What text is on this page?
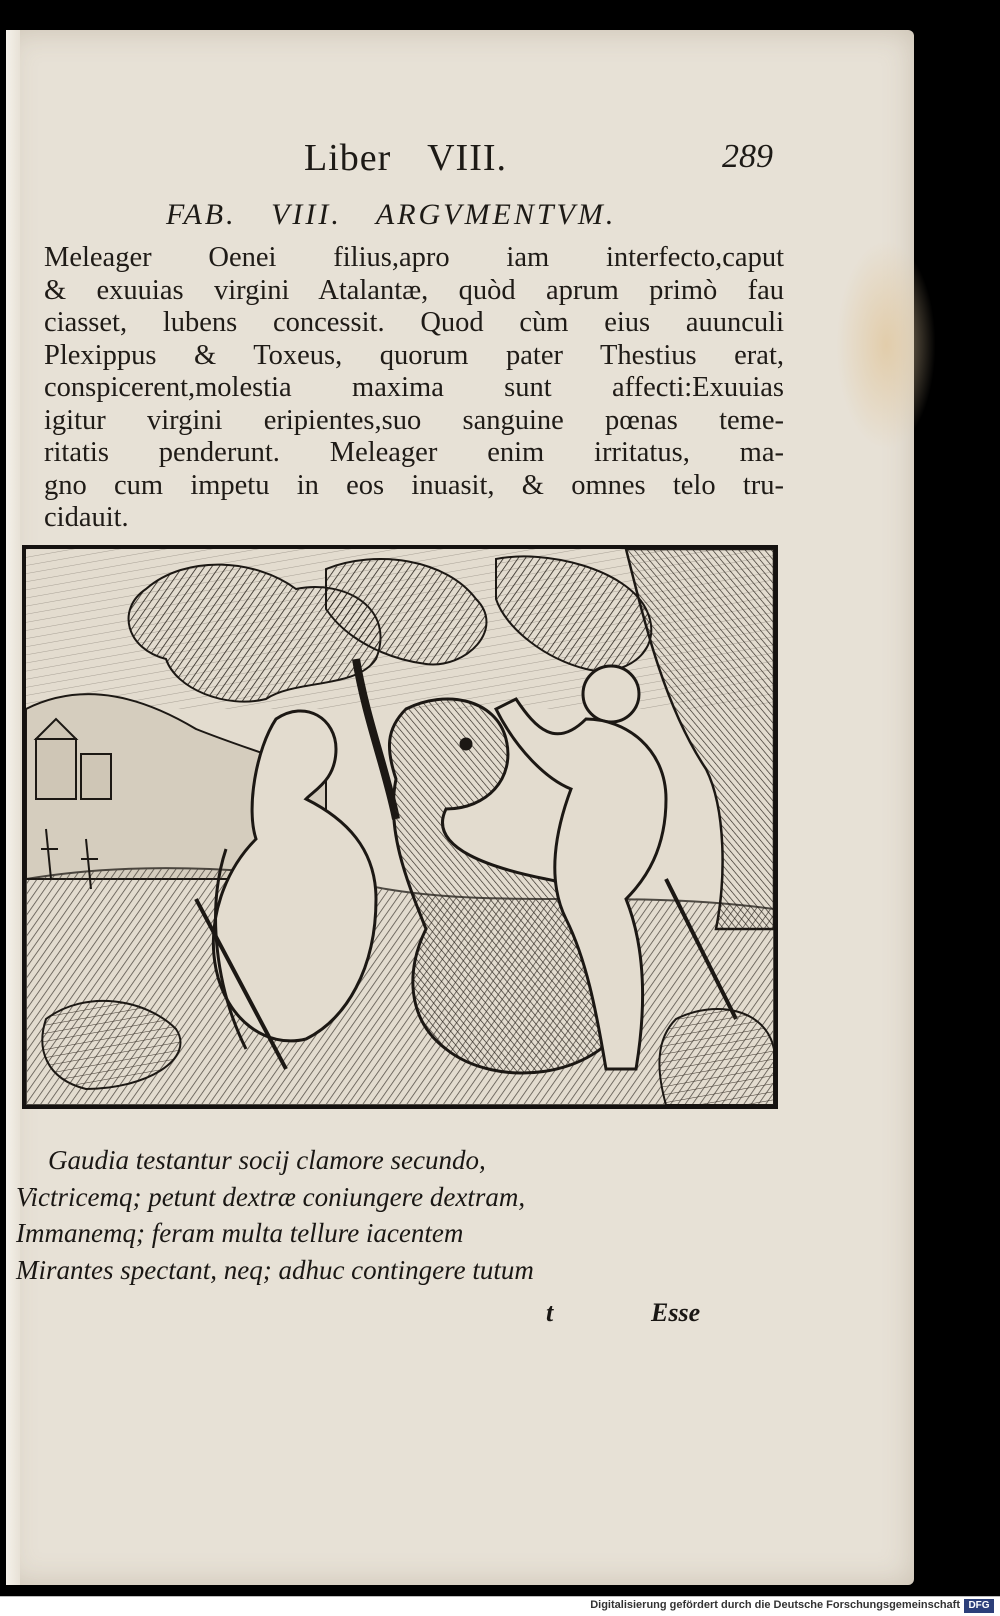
Liber VIII.	289
FAB. VIII. ARGVMENTVM.
Meleager Oenei filius,apro iam interfecto,caput
& exuuias virgini Atalantæ, quòd aprum primò fau
ciasset, lubens concessit. Quod cùm eius auunculi
Plexippus & Toxeus, quorum pater Thestius erat,
conspicerent,molestia maxima sunt affecti:Exuuias
igitur virgini eripientes,suo sanguine pœnas teme-
ritatis penderunt. Meleager enim irritatus, ma-
gno cum impetu in eos inuasit, & omnes telo tru-
cidauit.
Gaudia testantur socij clamore secundo,
Victricemq; petunt dextræ coniungere dextram,
Immanemq; feram multa tellure iacentem
Mirantes spectant, neq; adhuc contingere tutum
t	Esse
Digitalisierung gefördert durch die Deutsche Forschungsgemeinschaft DFG
